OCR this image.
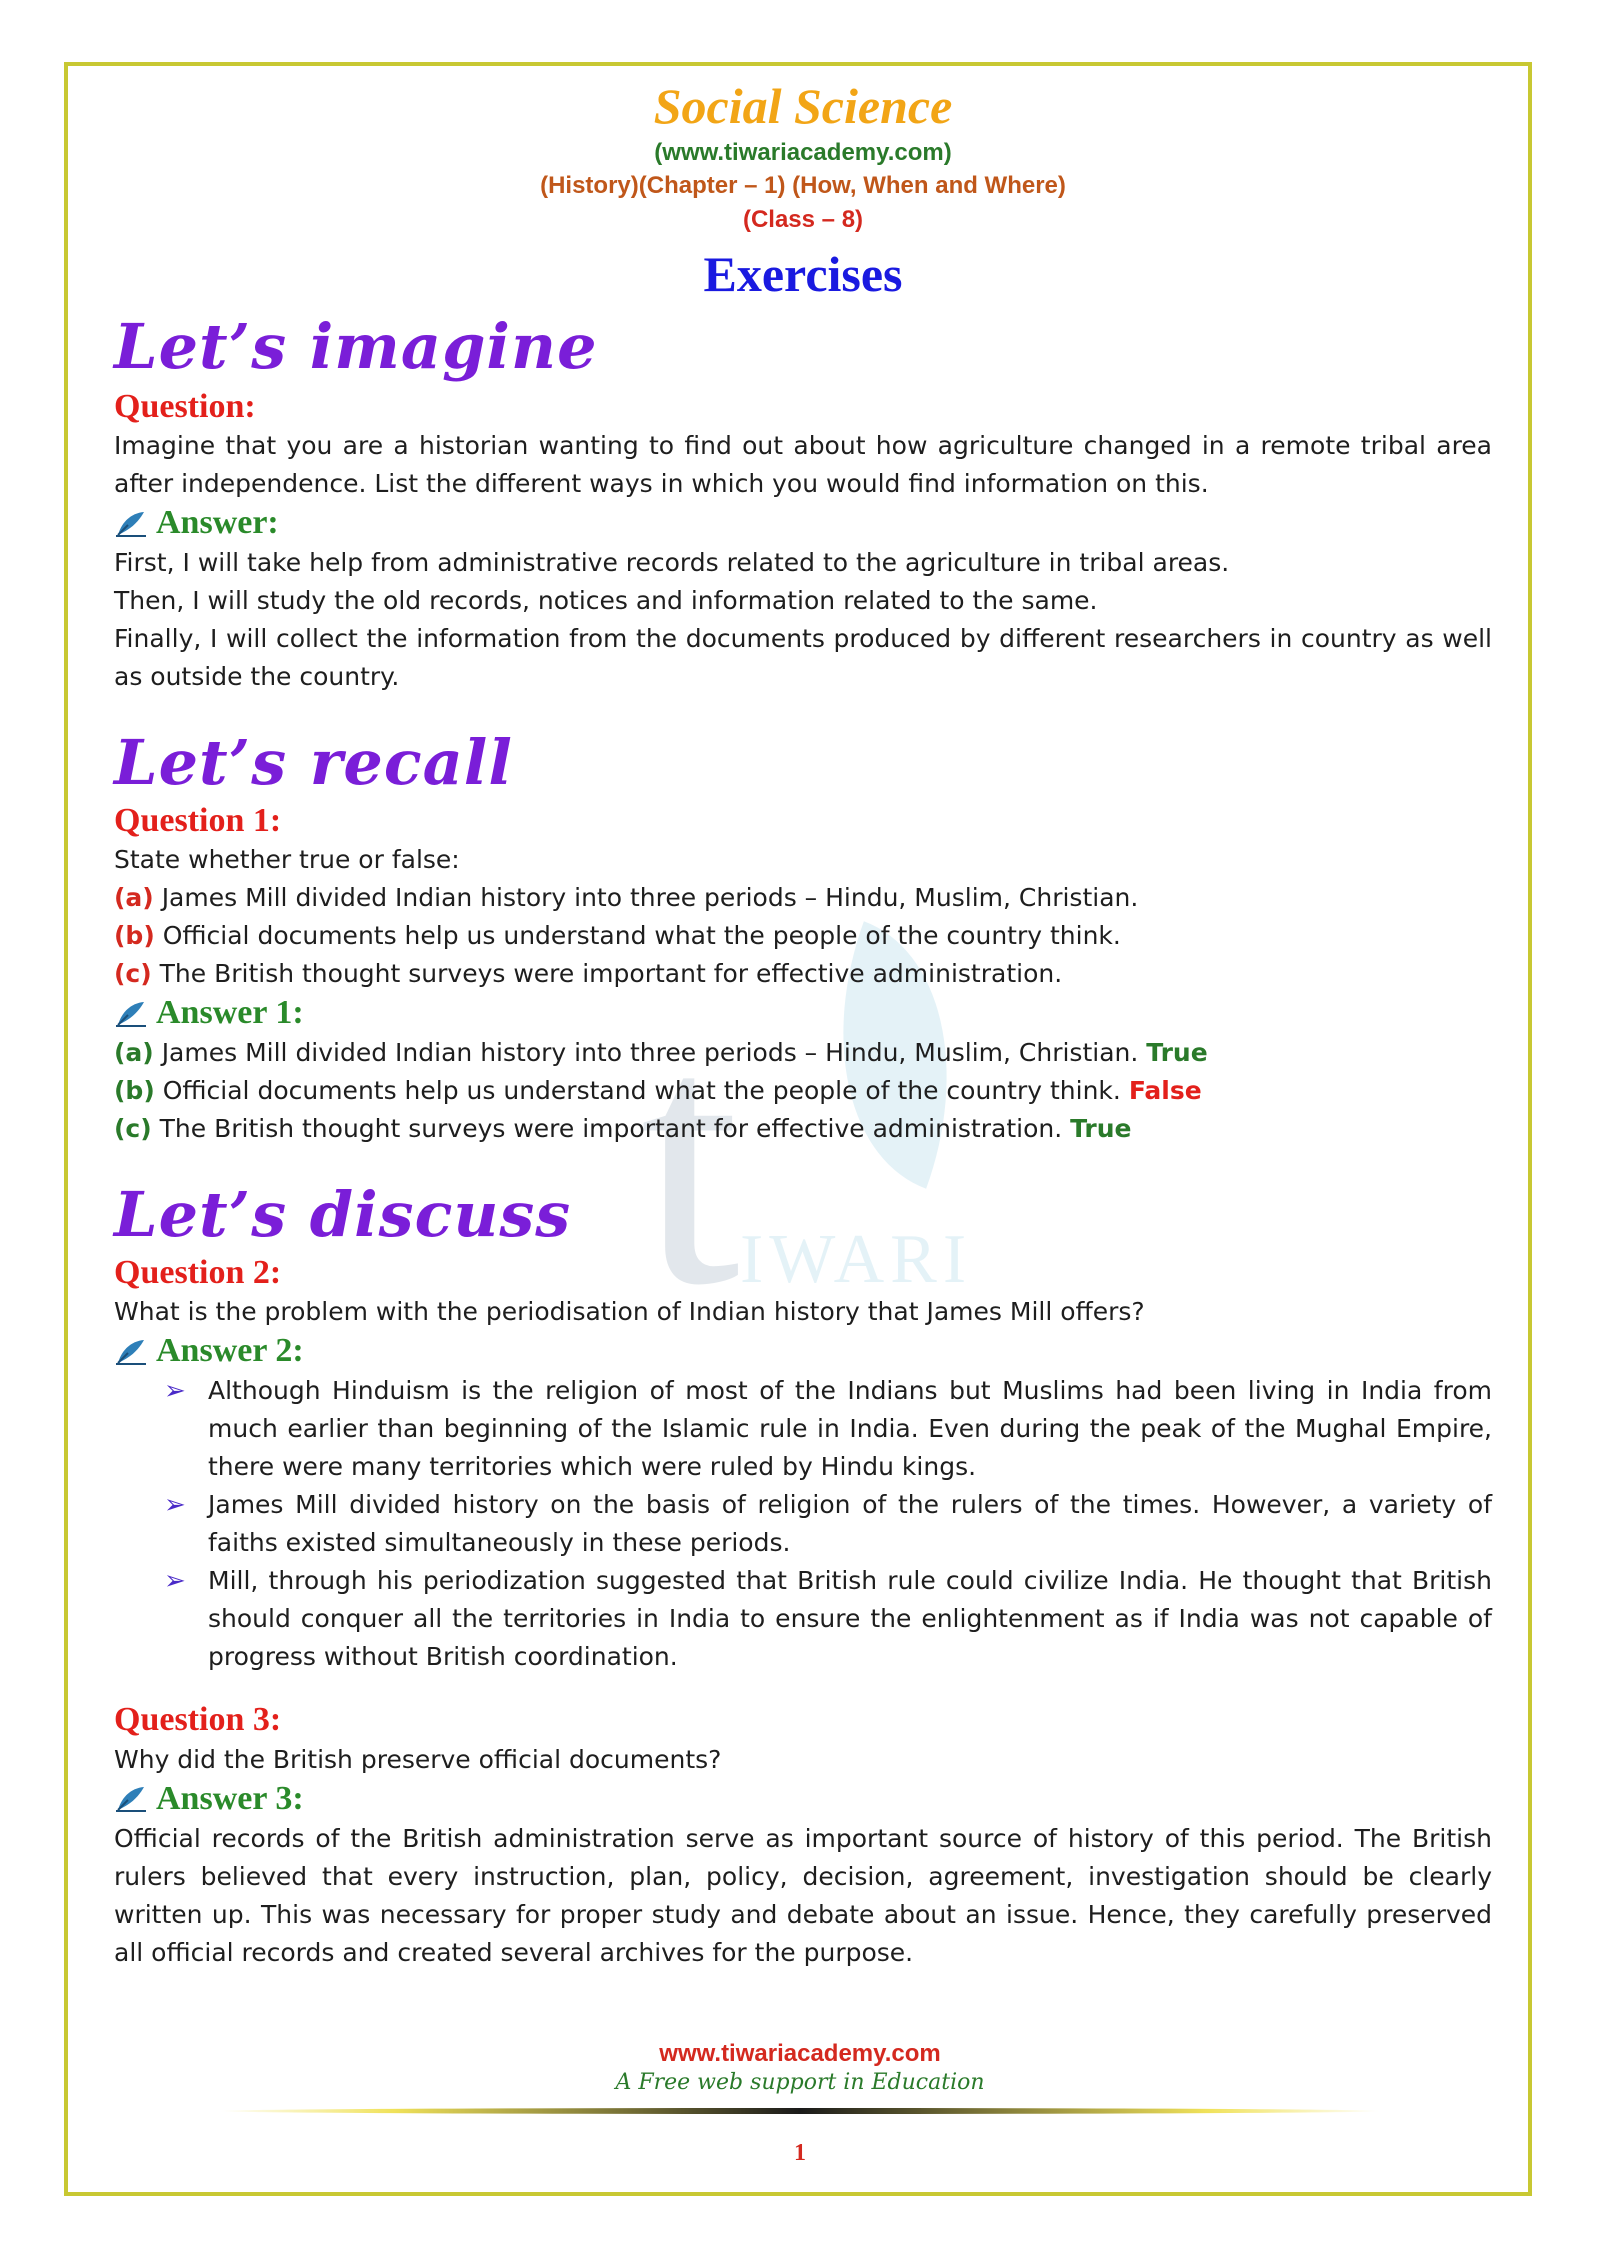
t IWARI
Social Science
(www.tiwariacademy.com)
(History)(Chapter – 1) (How, When and Where)
(Class – 8)
Exercises
Let’s imagine
Question:

Imagine that you are a historian wanting to find out about how agriculture changed in a remote tribal area after independence. List the different ways in which you would find information on this.

Answer:

First, I will take help from administrative records related to the agriculture in tribal areas.

Then, I will study the old records, notices and information related to the same.

Finally, I will collect the information from the documents produced by different researchers in country as well as outside the country.

Let’s recall
Question 1:

State whether true or false:

(a) James Mill divided Indian history into three periods – Hindu, Muslim, Christian.

(b) Official documents help us understand what the people of the country think.

(c) The British thought surveys were important for effective administration.

Answer 1:

(a) James Mill divided Indian history into three periods – Hindu, Muslim, Christian. True

(b) Official documents help us understand what the people of the country think. False

(c) The British thought surveys were important for effective administration. True

Let’s discuss
Question 2:

What is the problem with the periodisation of Indian history that James Mill offers?

Answer 2:
➢ Although Hinduism is the religion of most of the Indians but Muslims had been living in India from much earlier than beginning of the Islamic rule in India. Even during the peak of the Mughal Empire, there were many territories which were ruled by Hindu kings.
➢ James Mill divided history on the basis of religion of the rulers of the times. However, a variety of faiths existed simultaneously in these periods.
➢ Mill, through his periodization suggested that British rule could civilize India. He thought that British should conquer all the territories in India to ensure the enlightenment as if India was not capable of progress without British coordination.
Question 3:

Why did the British preserve official documents?

Answer 3:

Official records of the British administration serve as important source of history of this period. The British rulers believed that every instruction, plan, policy, decision, agreement, investigation should be clearly written up. This was necessary for proper study and debate about an issue. Hence, they carefully preserved all official records and created several archives for the purpose.

www.tiwariacademy.com
A Free web support in Education
1
